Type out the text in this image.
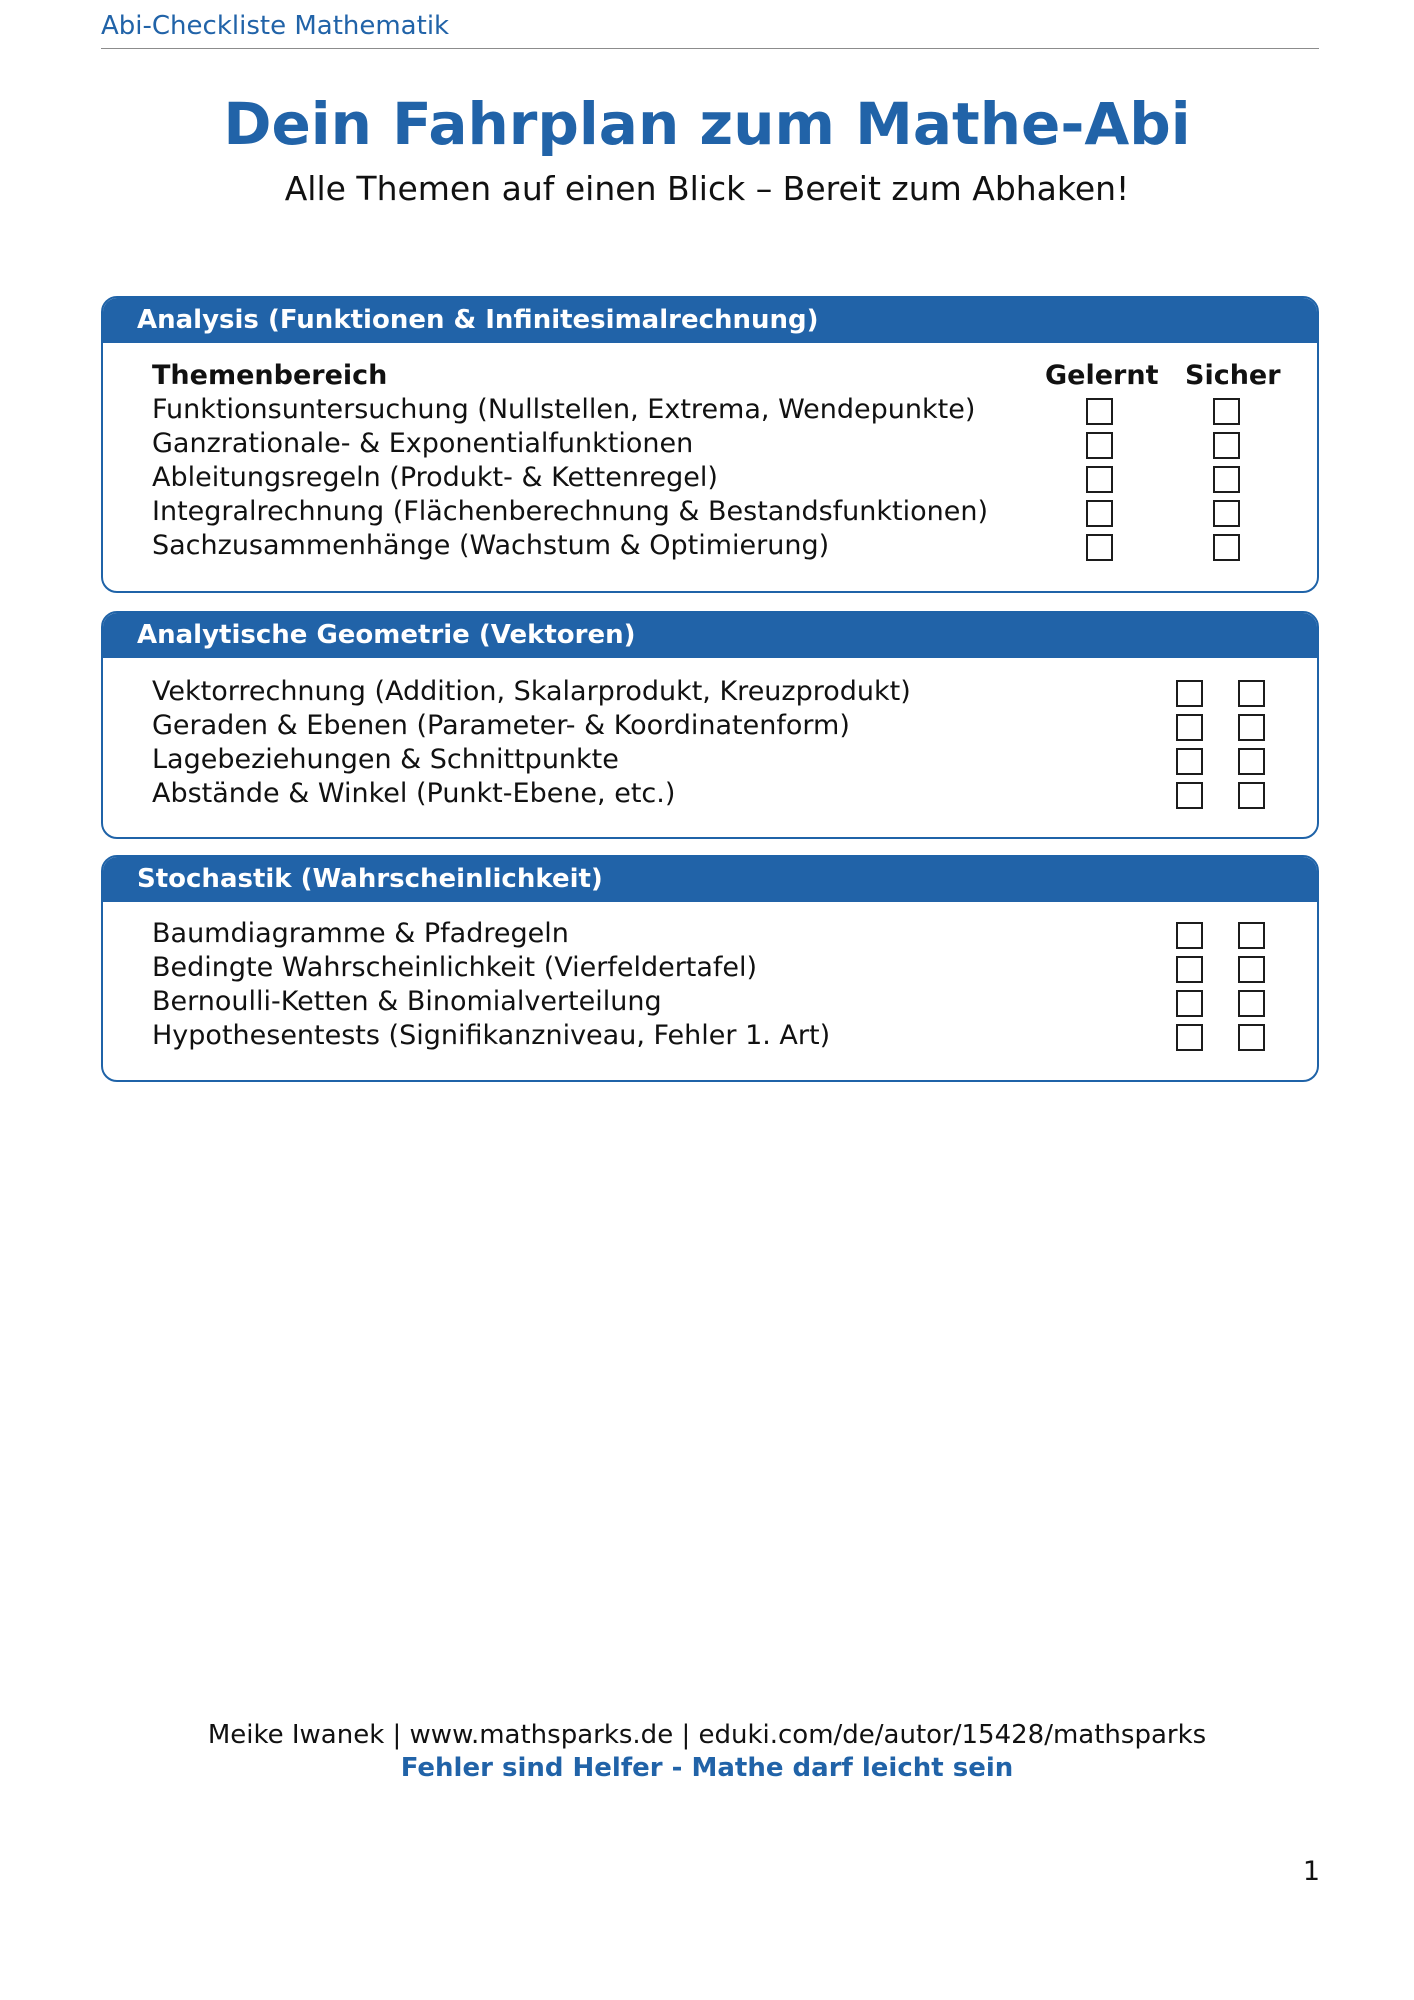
Abi-Checkliste Mathematik
Dein Fahrplan zum Mathe-Abi

Alle Themen auf einen Blick – Bereit zum Abhaken!

Analysis (Funktionen & Infinitesimalrechnung)
Themenbereich	Gelernt Sicher
Funktionsuntersuchung (Nullstellen, Extrema, Wendepunkte)
Ganzrationale- & Exponentialfunktionen
Ableitungsregeln (Produkt- & Kettenregel)
Integralrechnung (Flächenberechnung & Bestandsfunktionen)
Sachzusammenhänge (Wachstum & Optimierung)
Analytische Geometrie (Vektoren)
Vektorrechnung (Addition, Skalarprodukt, Kreuzprodukt)
Geraden & Ebenen (Parameter- & Koordinatenform)
Lagebeziehungen & Schnittpunkte
Abstände & Winkel (Punkt-Ebene, etc.)
Stochastik (Wahrscheinlichkeit)
Baumdiagramme & Pfadregeln
Bedingte Wahrscheinlichkeit (Vierfeldertafel)
Bernoulli-Ketten & Binomialverteilung
Hypothesentests (Signifikanzniveau, Fehler 1. Art)
Meike Iwanek | www.mathsparks.de | eduki.com/de/autor/15428/mathsparks
Fehler sind Helfer - Mathe darf leicht sein
1
